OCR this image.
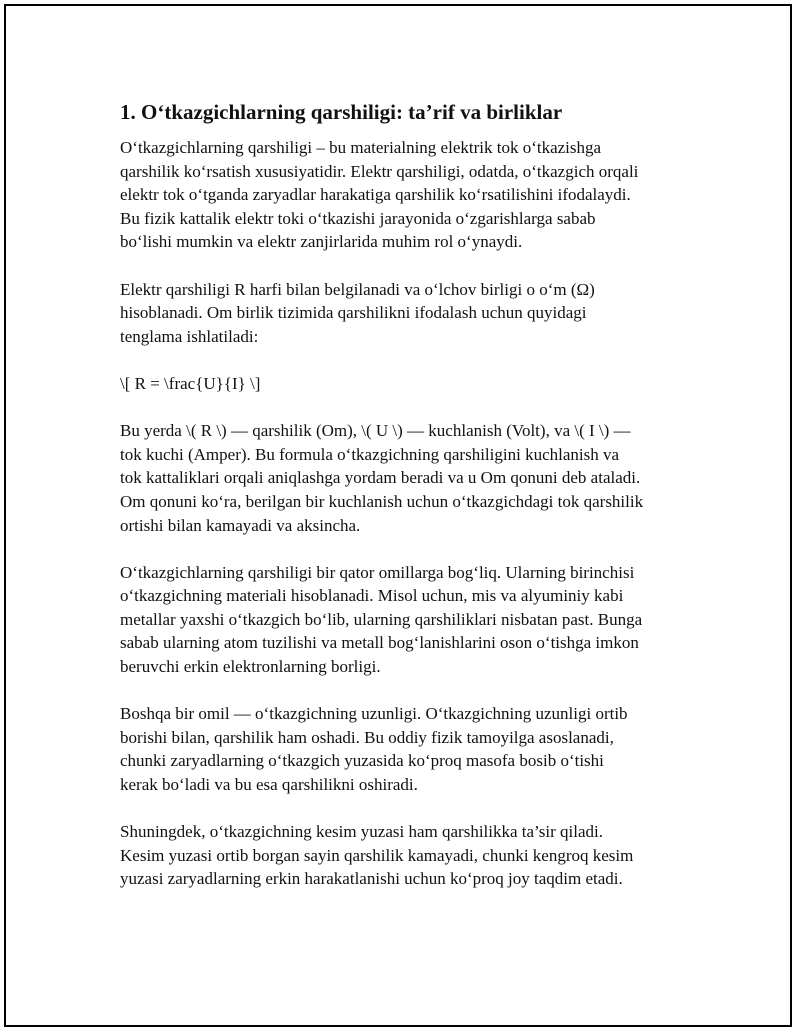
1. O‘tkazgichlarning qarshiligi: ta’rif va birliklar

O‘tkazgichlarning qarshiligi – bu materialning elektrik tok o‘tkazishga
qarshilik ko‘rsatish xususiyatidir. Elektr qarshiligi, odatda, o‘tkazgich orqali
elektr tok o‘tganda zaryadlar harakatiga qarshilik ko‘rsatilishini ifodalaydi.
Bu fizik kattalik elektr toki o‘tkazishi jarayonida o‘zgarishlarga sabab
bo‘lishi mumkin va elektr zanjirlarida muhim rol o‘ynaydi.

Elektr qarshiligi R harfi bilan belgilanadi va o‘lchov birligi o o‘m (Ω)
hisoblanadi. Om birlik tizimida qarshilikni ifodalash uchun quyidagi
tenglama ishlatiladi:

\[ R = \frac{U}{I} \]

Bu yerda \( R \) — qarshilik (Om), \( U \) — kuchlanish (Volt), va \( I \) —
tok kuchi (Amper). Bu formula o‘tkazgichning qarshiligini kuchlanish va
tok kattaliklari orqali aniqlashga yordam beradi va u Om qonuni deb ataladi.
Om qonuni ko‘ra, berilgan bir kuchlanish uchun o‘tkazgichdagi tok qarshilik
ortishi bilan kamayadi va aksincha.

O‘tkazgichlarning qarshiligi bir qator omillarga bog‘liq. Ularning birinchisi
o‘tkazgichning materiali hisoblanadi. Misol uchun, mis va alyuminiy kabi
metallar yaxshi o‘tkazgich bo‘lib, ularning qarshiliklari nisbatan past. Bunga
sabab ularning atom tuzilishi va metall bog‘lanishlarini oson o‘tishga imkon
beruvchi erkin elektronlarning borligi.

Boshqa bir omil — o‘tkazgichning uzunligi. O‘tkazgichning uzunligi ortib
borishi bilan, qarshilik ham oshadi. Bu oddiy fizik tamoyilga asoslanadi,
chunki zaryadlarning o‘tkazgich yuzasida ko‘proq masofa bosib o‘tishi
kerak bo‘ladi va bu esa qarshilikni oshiradi.

Shuningdek, o‘tkazgichning kesim yuzasi ham qarshilikka ta’sir qiladi.
Kesim yuzasi ortib borgan sayin qarshilik kamayadi, chunki kengroq kesim
yuzasi zaryadlarning erkin harakatlanishi uchun ko‘proq joy taqdim etadi.
